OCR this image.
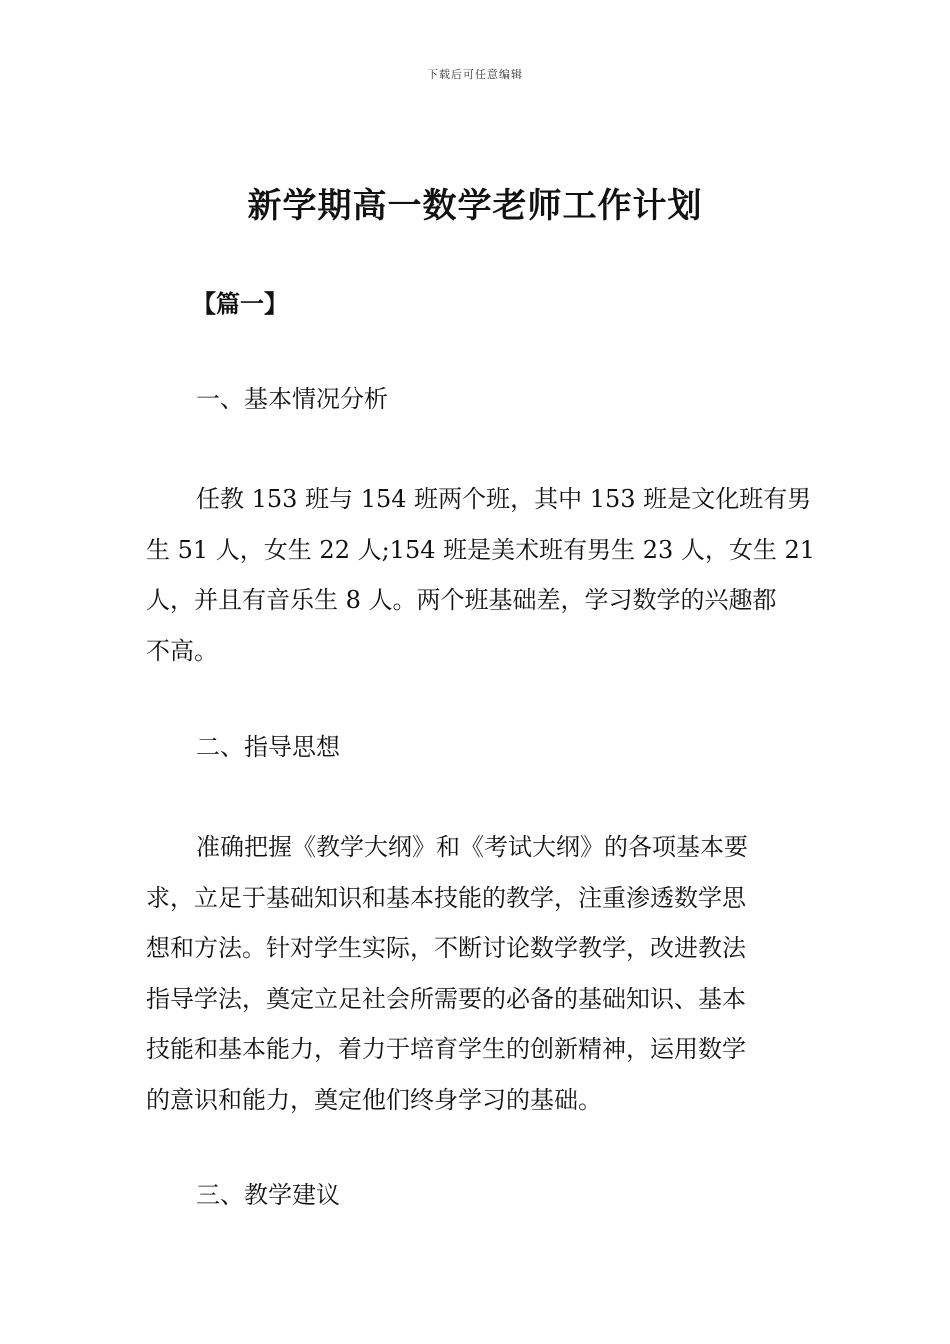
下载后可任意编辑
新学期高一数学老师工作计划
【篇一】
一、基本情况分析
任教 153 班与 154 班两个班，其中 153 班是文化班有男
生 51 人，女生 22 人;154 班是美术班有男生 23 人，女生 21
人，并且有音乐生 8 人。两个班基础差，学习数学的兴趣都
不高。
二、指导思想
准确把握《教学大纲》和《考试大纲》的各项基本要
求，立足于基础知识和基本技能的教学，注重渗透数学思
想和方法。针对学生实际，不断讨论数学教学，改进教法
指导学法，奠定立足社会所需要的必备的基础知识、基本
技能和基本能力，着力于培育学生的创新精神，运用数学
的意识和能力，奠定他们终身学习的基础。
三、教学建议
